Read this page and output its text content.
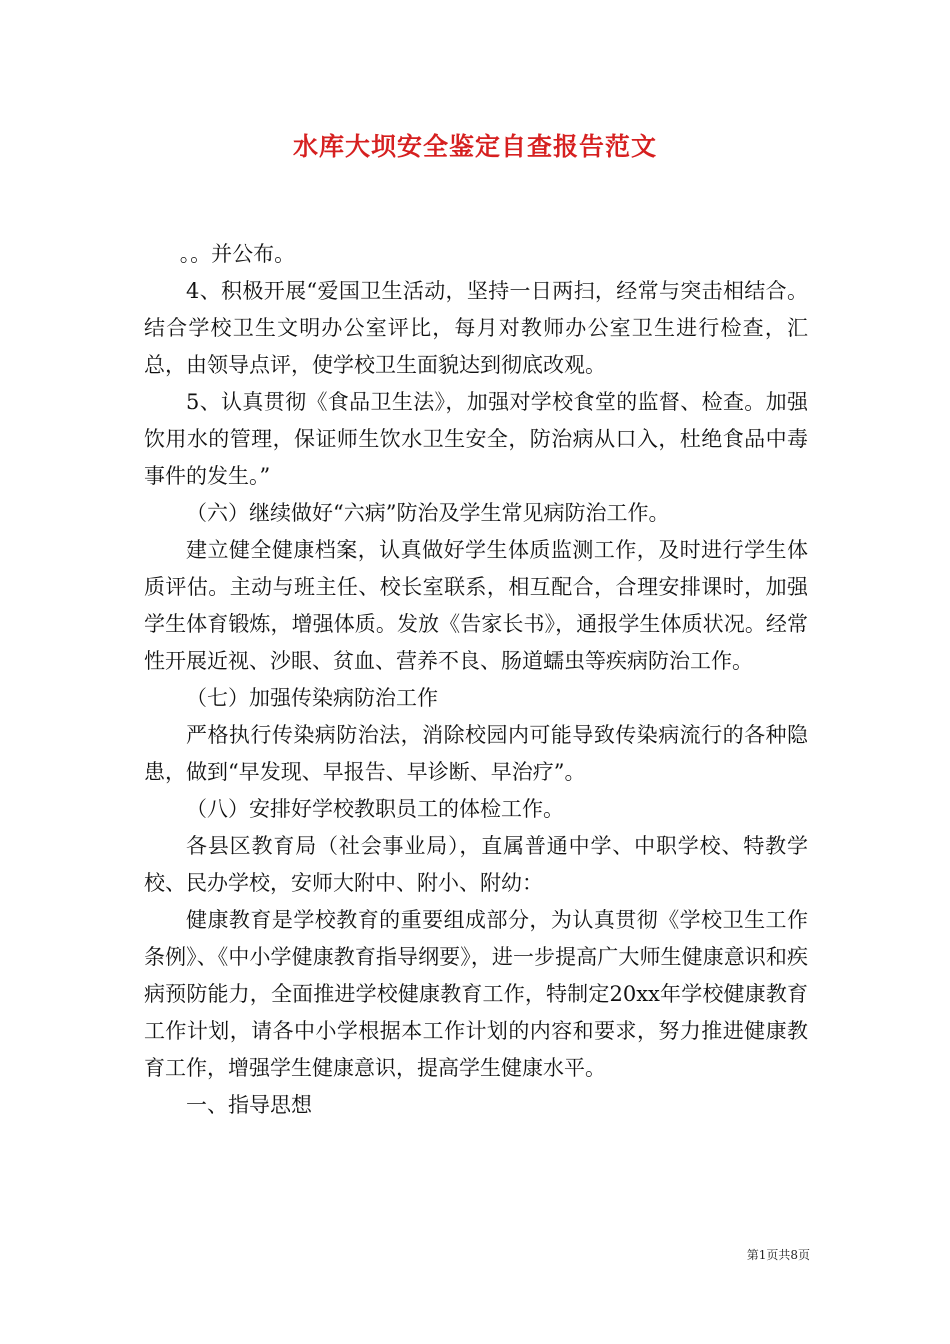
水库大坝安全鉴定自查报告范文

。。并公布。

4、积极开展“爱国卫生活动，坚持一日两扫，经常与突击相结合。结合学校卫生文明办公室评比，每月对教师办公室卫生进行检查，汇总，由领导点评，使学校卫生面貌达到彻底改观。

5、认真贯彻《食品卫生法》，加强对学校食堂的监督、检查。加强饮用水的管理，保证师生饮水卫生安全，防治病从口入，杜绝食品中毒事件的发生。”

（六）继续做好“六病”防治及学生常见病防治工作。

建立健全健康档案，认真做好学生体质监测工作，及时进行学生体质评估。主动与班主任、校长室联系，相互配合，合理安排课时，加强学生体育锻炼，增强体质。发放《告家长书》，通报学生体质状况。经常性开展近视、沙眼、贫血、营养不良、肠道蠕虫等疾病防治工作。

（七）加强传染病防治工作

严格执行传染病防治法，消除校园内可能导致传染病流行的各种隐患，做到“早发现、早报告、早诊断、早治疗”。

（八）安排好学校教职员工的体检工作。

各县区教育局（社会事业局），直属普通中学、中职学校、特教学校、民办学校，安师大附中、附小、附幼：

健康教育是学校教育的重要组成部分，为认真贯彻《学校卫生工作条例》、《中小学健康教育指导纲要》，进一步提高广大师生健康意识和疾病预防能力，全面推进学校健康教育工作，特制定20xx年学校健康教育工作计划，请各中小学根据本工作计划的内容和要求，努力推进健康教育工作，增强学生健康意识，提高学生健康水平。

一、指导思想

第1页共8页
